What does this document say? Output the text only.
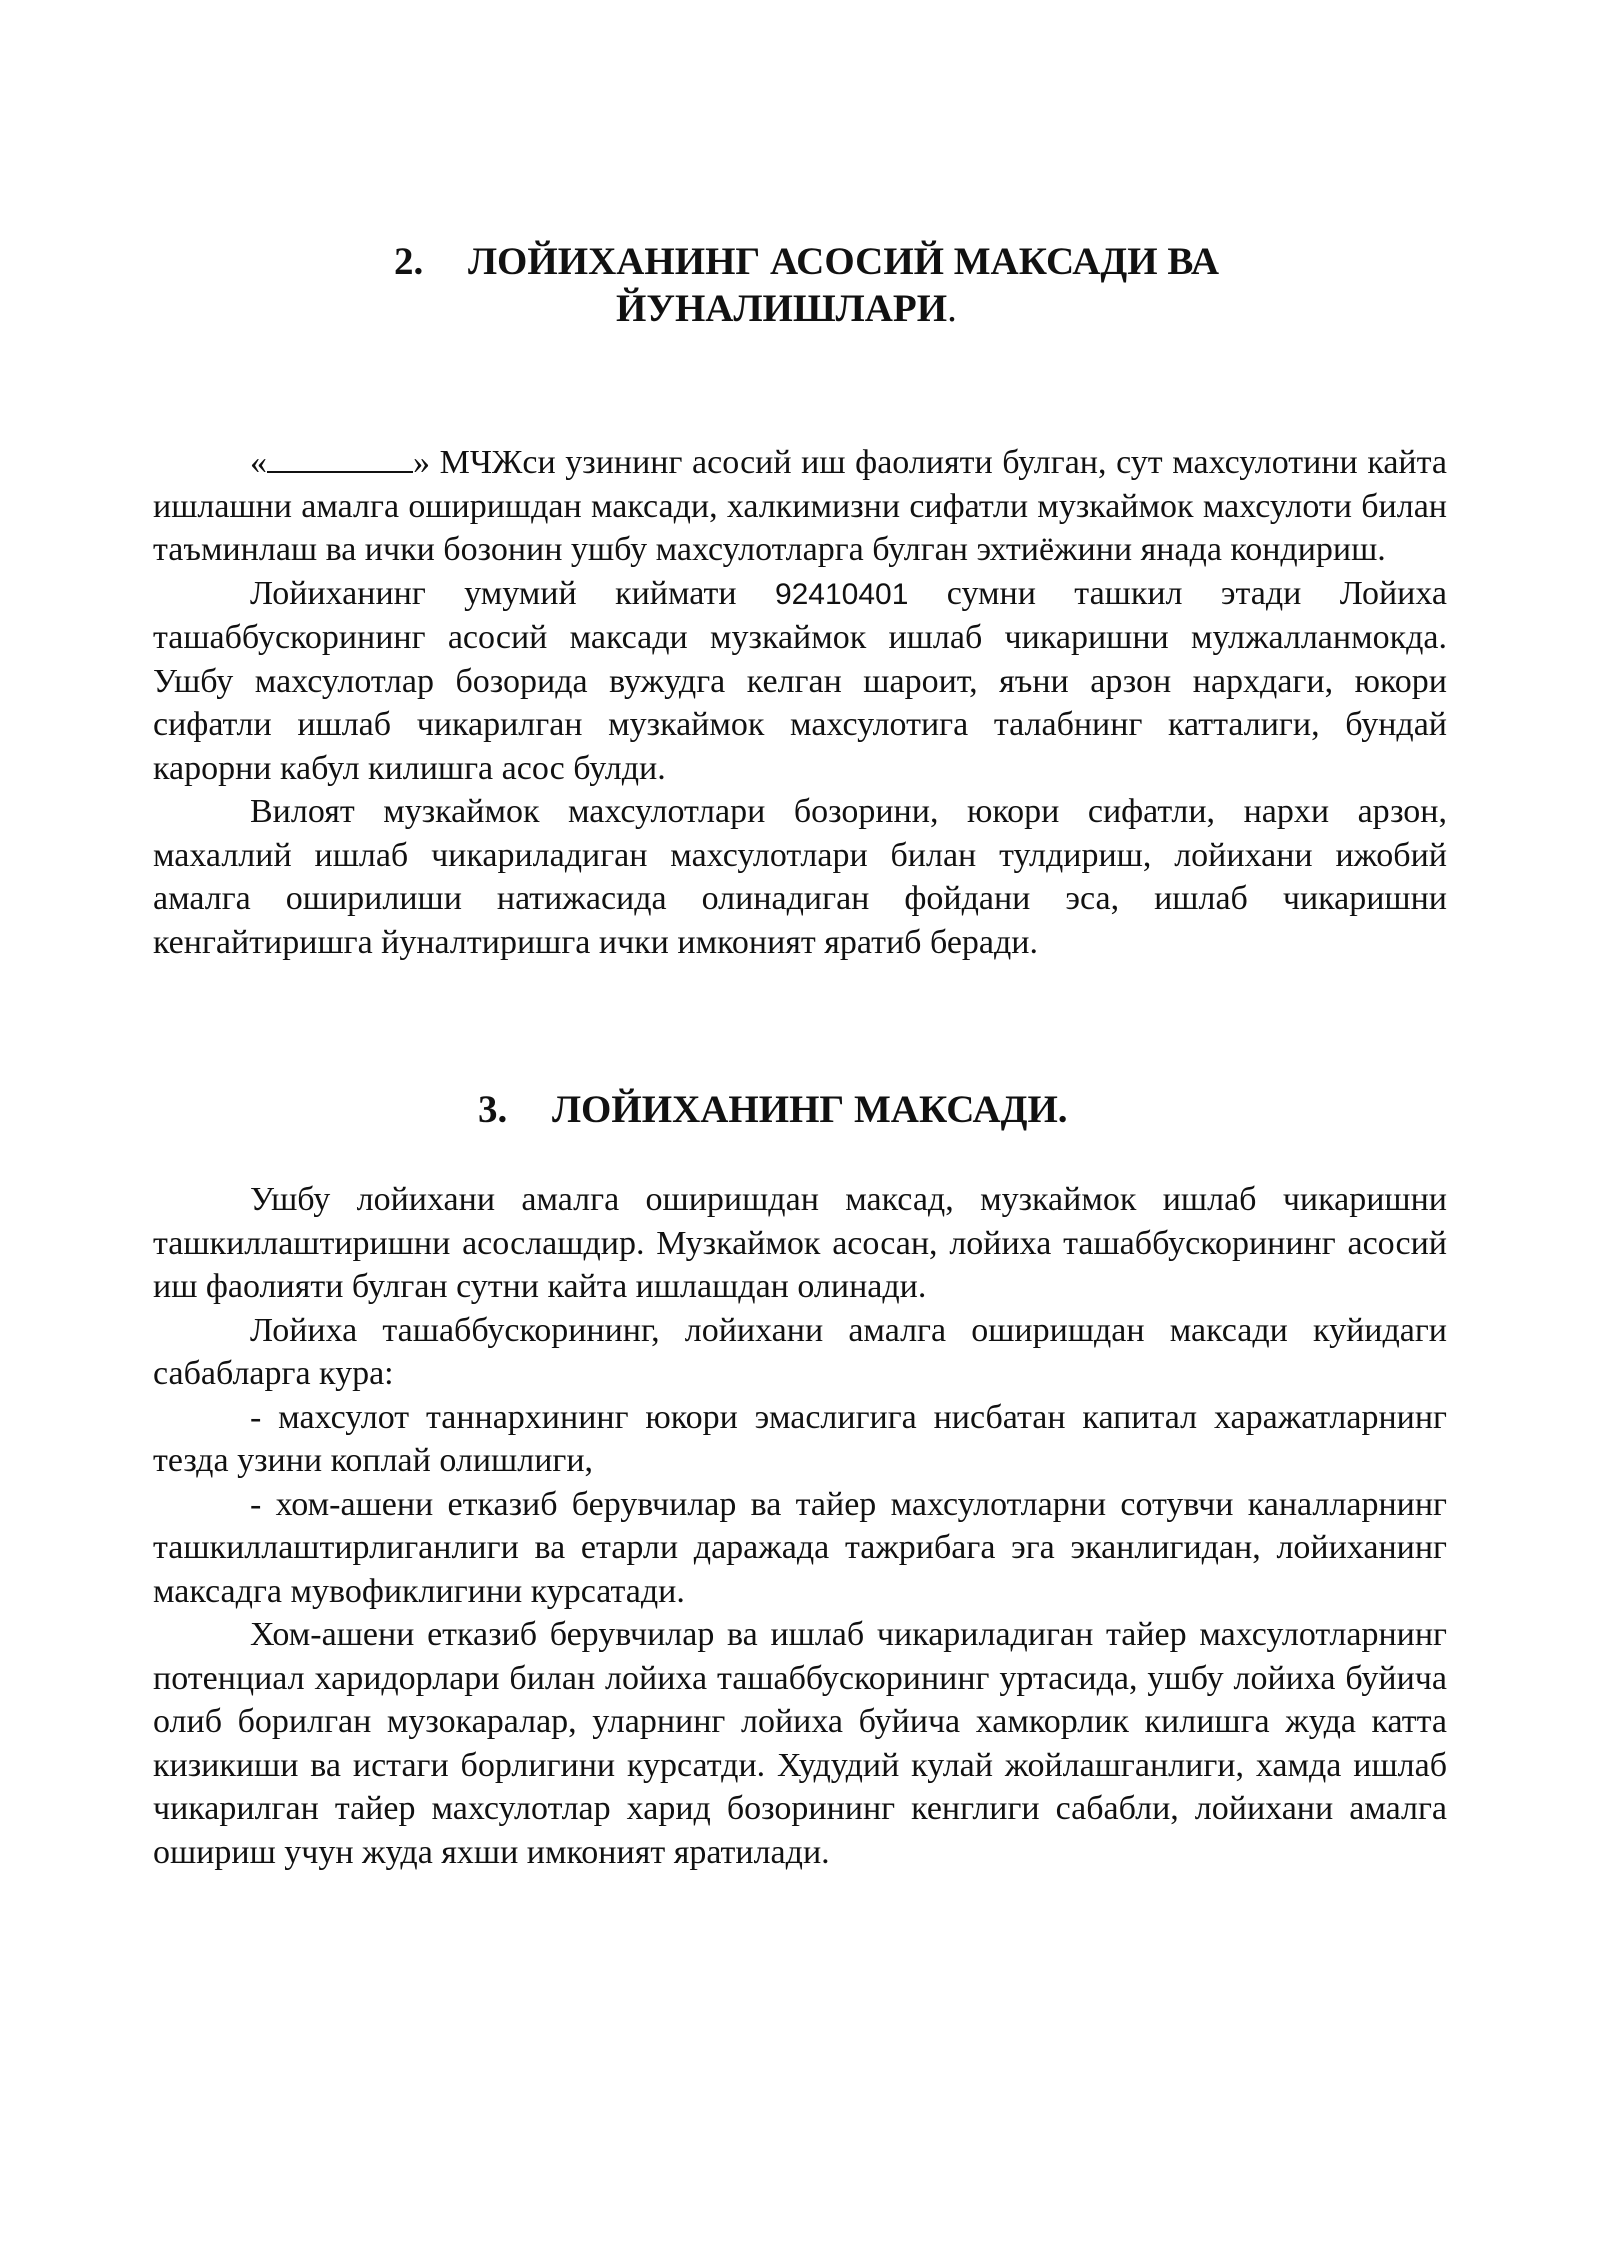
2. ЛОЙИХАНИНГ АСОСИЙ МАКСАДИ ВА
ЙУНАЛИШЛАРИ.

«	» МЧЖси узининг асосий иш фаолияти булган, сут махсулотини кайта ишлашни амалга оширишдан максади, халкимизни сифатли музкаймок махсулоти билан таъминлаш ва ички бозонин ушбу махсулотларга булган эхтиёжини янада кондириш.

Лойиханинг умумий киймати 92410401 сумни ташкил этади Лойиха ташаббускорининг асосий максади музкаймок ишлаб чикаришни мулжалланмокда. Ушбу махсулотлар бозорида вужудга келган шароит, яъни арзон нархдаги, юкори сифатли ишлаб чикарилган музкаймок махсулотига талабнинг катталиги, бундай карорни кабул килишга асос булди.

Вилоят музкаймок махсулотлари бозорини, юкори сифатли, нархи арзон, махаллий ишлаб чикариладиган махсулотлари билан тулдириш, лойихани ижобий амалга оширилиши натижасида олинадиган фойдани эса, ишлаб чикаришни кенгайтиришга йуналтиришга ички имконият яратиб беради.

3. ЛОЙИХАНИНГ МАКСАДИ.

Ушбу лойихани амалга оширишдан максад, музкаймок ишлаб чикаришни ташкиллаштиришни асослашдир. Музкаймок асосан, лойиха ташаббускорининг асосий иш фаолияти булган сутни кайта ишлашдан олинади.

Лойиха ташаббускорининг, лойихани амалга оширишдан максади куйидаги сабабларга кура:

- махсулот таннархининг юкори эмаслигига нисбатан капитал харажатларнинг тезда узини коплай олишлиги,

- хом-ашени етказиб берувчилар ва тайер махсулотларни сотувчи каналларнинг ташкиллаштирлиганлиги ва етарли даражада тажрибага эга эканлигидан, лойиханинг максадга мувофиклигини курсатади.

Хом-ашени етказиб берувчилар ва ишлаб чикариладиган тайер махсулотларнинг потенциал харидорлари билан лойиха ташаббускорининг уртасида, ушбу лойиха буйича олиб борилган музокаралар, уларнинг лойиха буйича хамкорлик килишга жуда катта кизикиши ва истаги борлигини курсатди. Худудий кулай жойлашганлиги, хамда ишлаб чикарилган тайер махсулотлар харид бозорининг кенглиги сабабли, лойихани амалга ошириш учун жуда яхши имконият яратилади.
